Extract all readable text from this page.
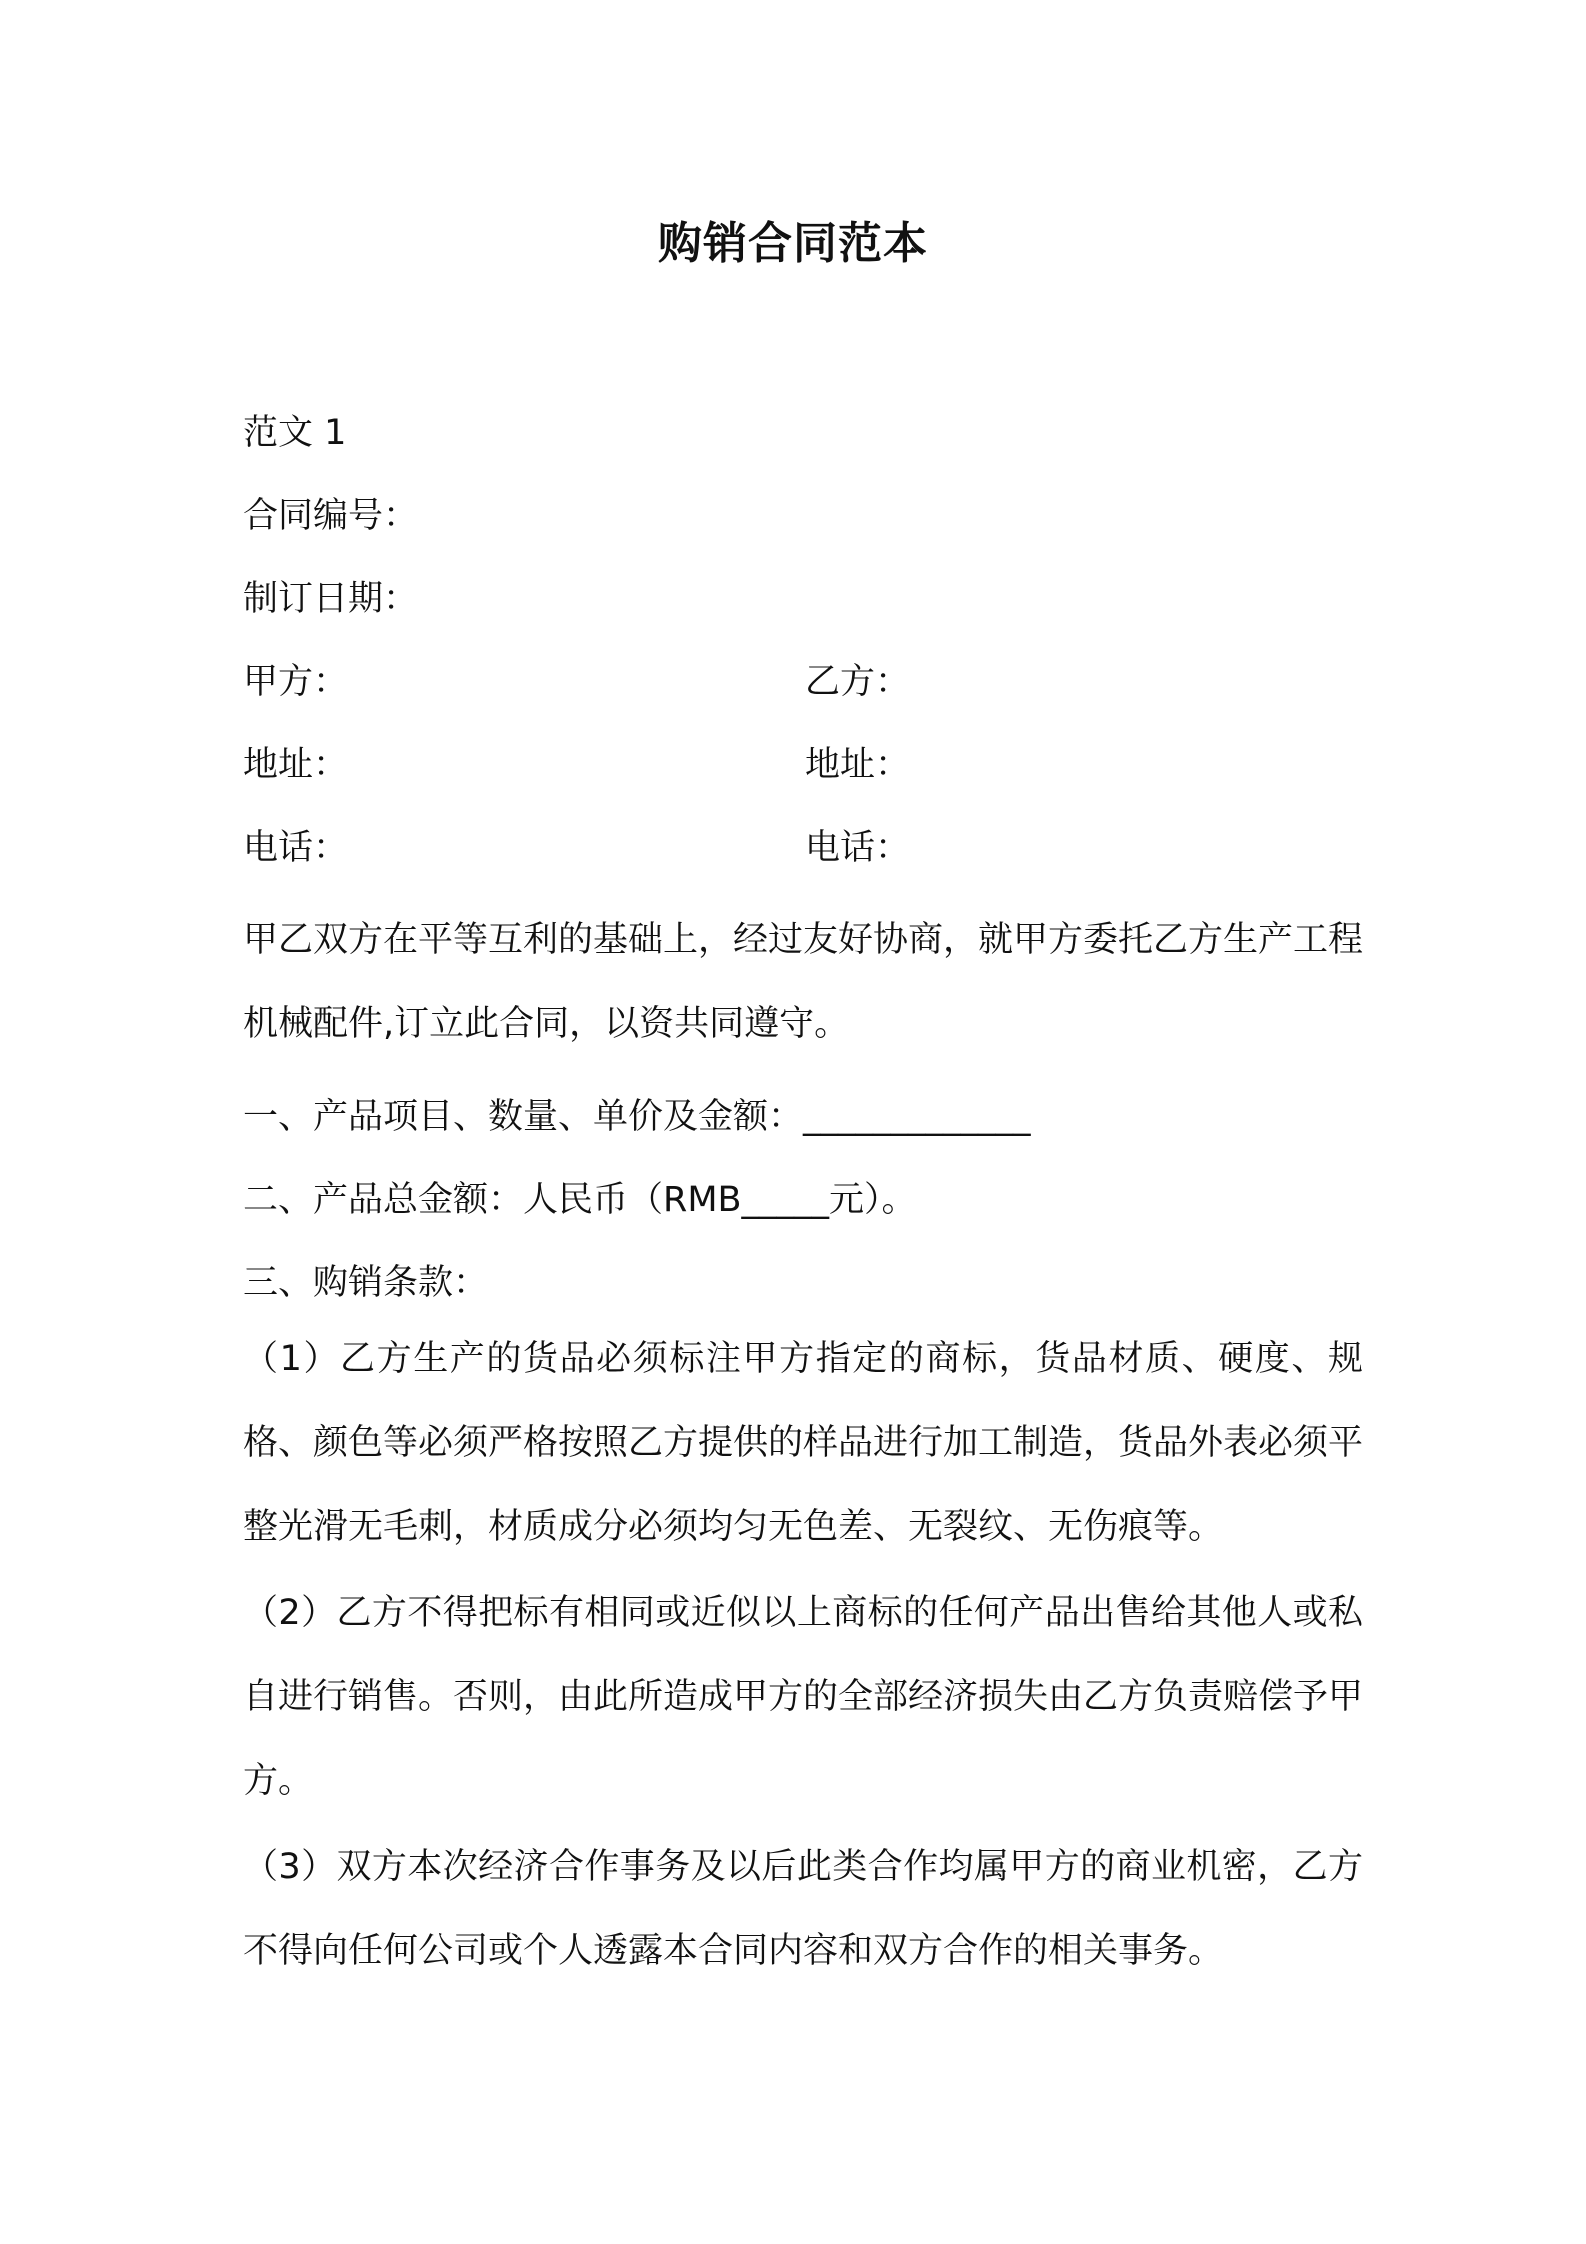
购销合同范本
范文 1
合同编号：
制订日期：
甲方：	乙方：
地址：	地址：
电话：	电话：
甲乙双方在平等互利的基础上，经过友好协商，就甲方委托乙方生产工程机械配件,订立此合同，以资共同遵守。
一、产品项目、数量、单价及金额：_____________
二、产品总金额：人民币（RMB_____元）。
三、购销条款：
（1）乙方生产的货品必须标注甲方指定的商标，货品材质、硬度、规格、颜色等必须严格按照乙方提供的样品进行加工制造，货品外表必须平整光滑无毛刺，材质成分必须均匀无色差、无裂纹、无伤痕等。
（2）乙方不得把标有相同或近似以上商标的任何产品出售给其他人或私自进行销售。否则，由此所造成甲方的全部经济损失由乙方负责赔偿予甲方。
（3）双方本次经济合作事务及以后此类合作均属甲方的商业机密，乙方不得向任何公司或个人透露本合同内容和双方合作的相关事务。
